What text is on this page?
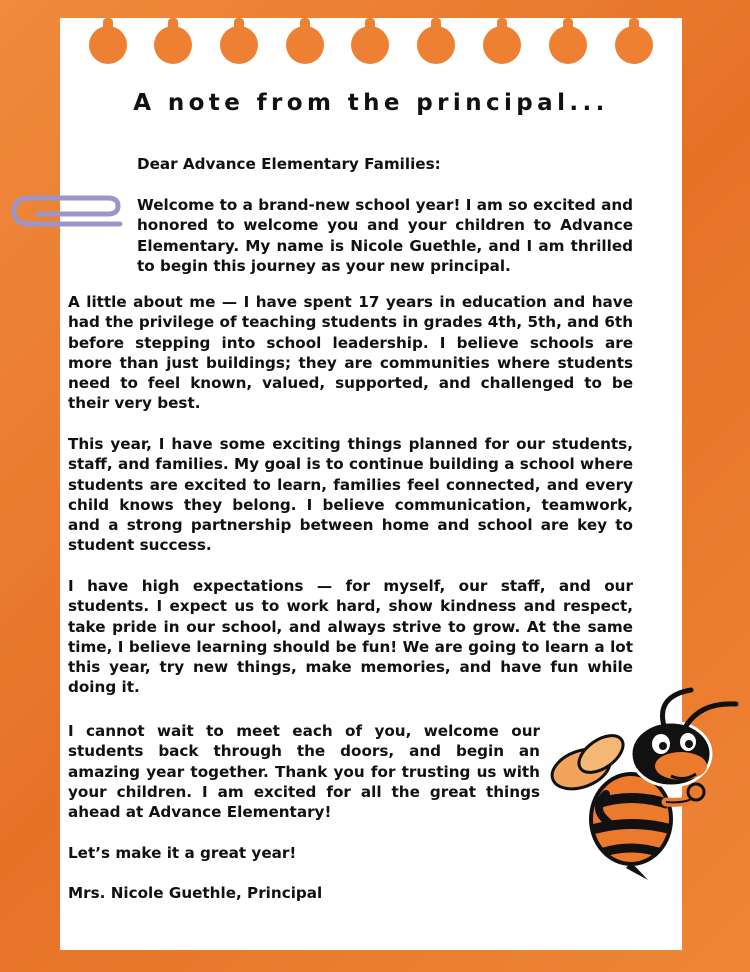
A note from the principal...

Dear Advance Elementary Families:

Welcome to a brand-new school year! I am so excited and honored to welcome you and your children to Advance Elementary. My name is Nicole Guethle, and I am thrilled to begin this journey as your new principal.

A little about me — I have spent 17 years in education and have had the privilege of teaching students in grades 4th, 5th, and 6th before stepping into school leadership. I believe schools are more than just buildings; they are communities where students need to feel known, valued, supported, and challenged to be their very best.

This year, I have some exciting things planned for our students, staff, and families. My goal is to continue building a school where students are excited to learn, families feel connected, and every child knows they belong. I believe communication, teamwork, and a strong partnership between home and school are key to student success.

I have high expectations — for myself, our staff, and our students. I expect us to work hard, show kindness and respect, take pride in our school, and always strive to grow. At the same time, I believe learning should be fun! We are going to learn a lot this year, try new things, make memories, and have fun while doing it.

I cannot wait to meet each of you, welcome our students back through the doors, and begin an amazing year together. Thank you for trusting us with your children. I am excited for all the great things ahead at Advance Elementary!

Let’s make it a great year!

Mrs. Nicole Guethle, Principal
